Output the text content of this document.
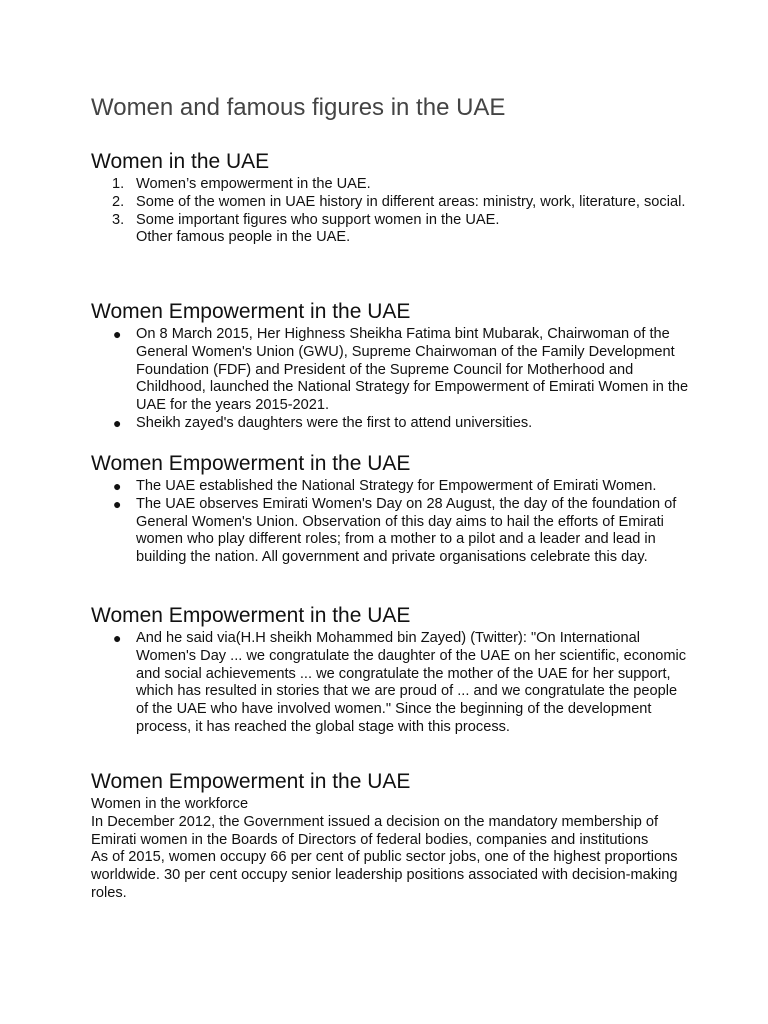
Women and famous figures in the UAE
Women in the UAE
1. Women’s empowerment in the UAE.
2. Some of the women in UAE history in different areas: ministry, work, literature, social.
3. Some important figures who support women in the UAE.
Other famous people in the UAE.
Women Empowerment in the UAE
● On 8 March 2015, Her Highness Sheikha Fatima bint Mubarak, Chairwoman of the General Women's Union (GWU), Supreme Chairwoman of the Family Development Foundation (FDF) and President of the Supreme Council for Motherhood and Childhood, launched the National Strategy for Empowerment of Emirati Women in the UAE for the years 2015-2021.
● Sheikh zayed's daughters were the first to attend universities.
Women Empowerment in the UAE
● The UAE established the National Strategy for Empowerment of Emirati Women.
● The UAE observes Emirati Women's Day on 28 August, the day of the foundation of General Women's Union. Observation of this day aims to hail the efforts of Emirati women who play different roles; from a mother to a pilot and a leader and lead in building the nation. All government and private organisations celebrate this day.
Women Empowerment in the UAE
● And he said via(H.H sheikh Mohammed bin Zayed) (Twitter): "On International Women's Day ... we congratulate the daughter of the UAE on her scientific, economic and social achievements ... we congratulate the mother of the UAE for her support, which has resulted in stories that we are proud of ... and we congratulate the people of the UAE who have involved women." Since the beginning of the development process, it has reached the global stage with this process.
Women Empowerment in the UAE
Women in the workforce

In December 2012, the Government issued a decision on the mandatory membership of Emirati women in the Boards of Directors of federal bodies, companies and institutions

As of 2015, women occupy 66 per cent of public sector jobs, one of the highest proportions worldwide. 30 per cent occupy senior leadership positions associated with decision-making roles.
